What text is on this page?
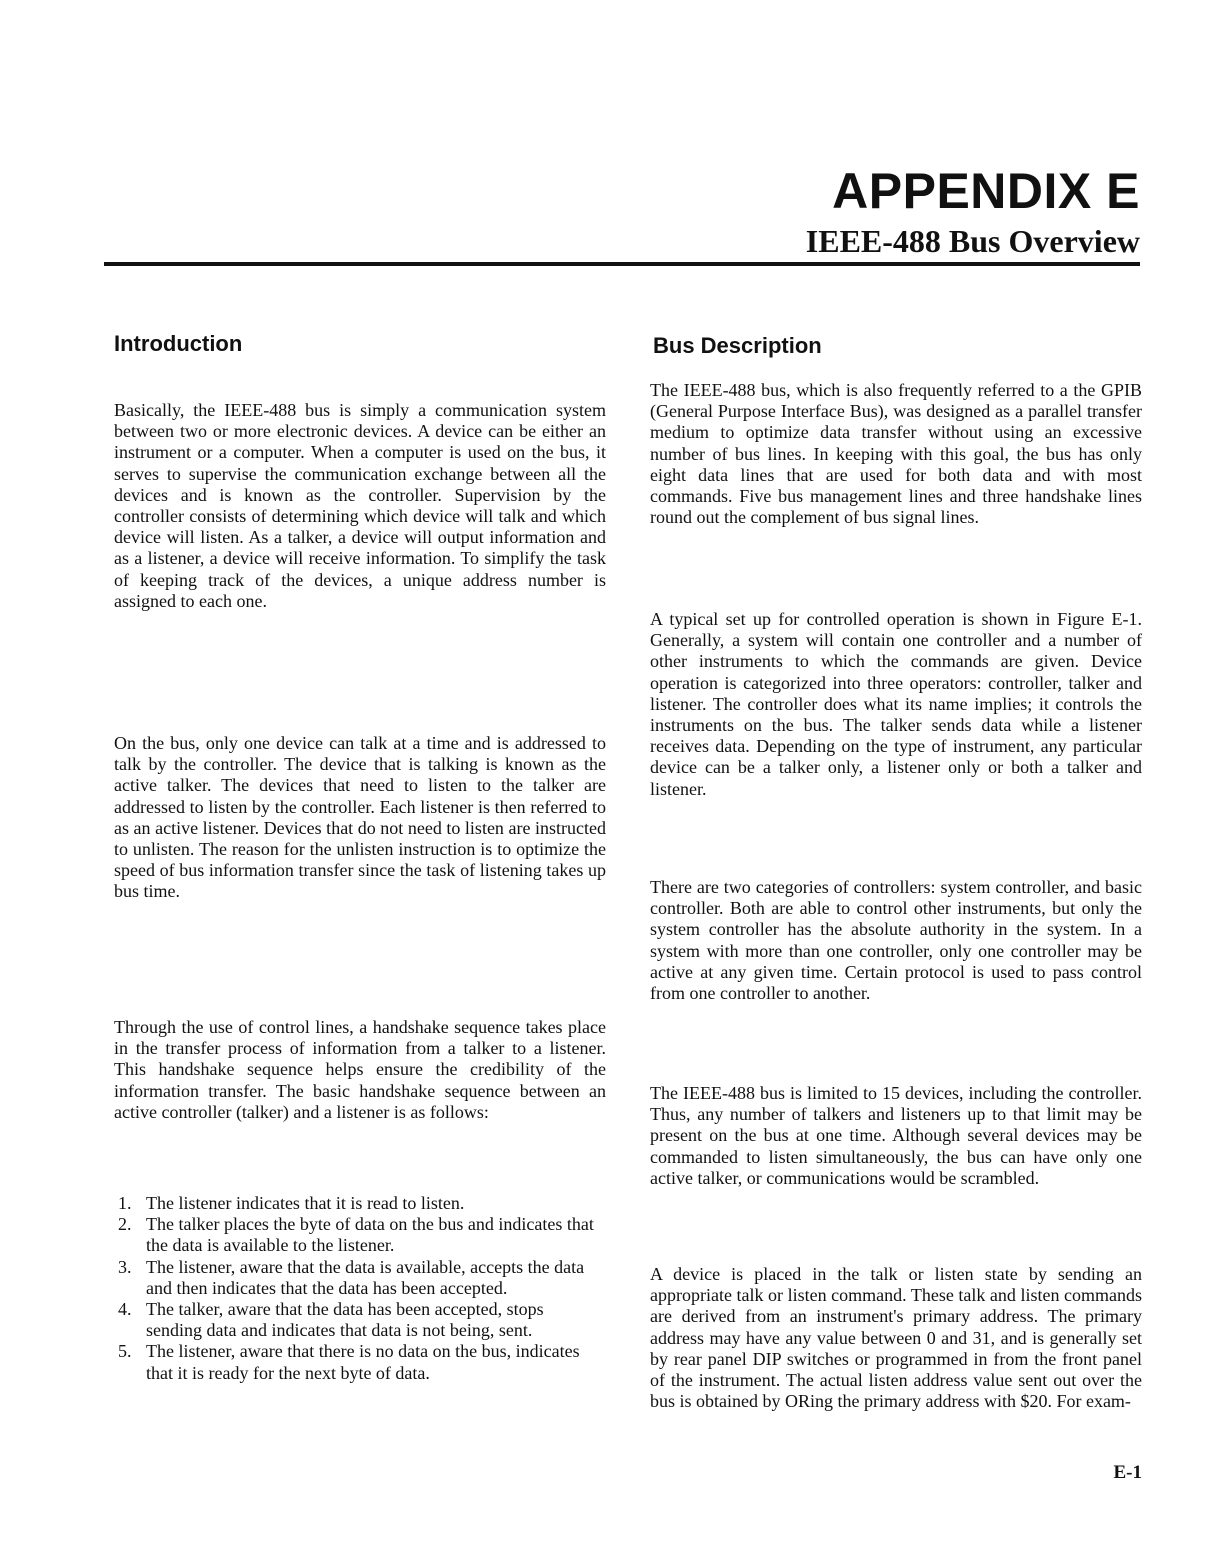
APPENDIX E
IEEE-488 Bus Overview
Introduction

Basically, the IEEE-488 bus is simply a communication system between two or more electronic devices. A device can be either an instrument or a computer. When a computer is used on the bus, it serves to supervise the communication exchange between all the devices and is known as the controller. Supervision by the controller consists of determining which device will talk and which device will listen. As a talker, a device will output information and as a listener, a device will receive information. To simplify the task of keeping track of the devices, a unique address number is assigned to each one.

On the bus, only one device can talk at a time and is addressed to talk by the controller. The device that is talking is known as the active talker. The devices that need to listen to the talker are addressed to listen by the controller. Each listener is then referred to as an active listener. Devices that do not need to listen are instructed to unlisten. The reason for the unlisten instruction is to optimize the speed of bus information transfer since the task of listening takes up bus time.

Through the use of control lines, a handshake sequence takes place in the transfer process of information from a talker to a listener. This handshake sequence helps ensure the credibility of the information transfer. The basic handshake sequence between an active controller (talker) and a listener is as follows:

1. The listener indicates that it is read to listen.
2. The talker places the byte of data on the bus and indicates that the data is available to the listener.
3. The listener, aware that the data is available, accepts the data and then indicates that the data has been accepted.
4. The talker, aware that the data has been accepted, stops sending data and indicates that data is not being, sent.
5. The listener, aware that there is no data on the bus, indicates that it is ready for the next byte of data.
Bus Description

The IEEE-488 bus, which is also frequently referred to a the GPIB (General Purpose Interface Bus), was designed as a parallel transfer medium to optimize data transfer without using an excessive number of bus lines. In keeping with this goal, the bus has only eight data lines that are used for both data and with most commands. Five bus management lines and three handshake lines round out the complement of bus signal lines.

A typical set up for controlled operation is shown in Figure E-1. Generally, a system will contain one controller and a number of other instruments to which the commands are given. Device operation is categorized into three operators: controller, talker and listener. The controller does what its name implies; it controls the instruments on the bus. The talker sends data while a listener receives data. Depending on the type of instrument, any particular device can be a talker only, a listener only or both a talker and listener.

There are two categories of controllers: system controller, and basic controller. Both are able to control other instruments, but only the system controller has the absolute authority in the system. In a system with more than one controller, only one controller may be active at any given time. Certain protocol is used to pass control from one controller to another.

The IEEE-488 bus is limited to 15 devices, including the controller. Thus, any number of talkers and listeners up to that limit may be present on the bus at one time. Although several devices may be commanded to listen simultaneously, the bus can have only one active talker, or communications would be scrambled.

A device is placed in the talk or listen state by sending an appropriate talk or listen command. These talk and listen commands are derived from an instrument's primary address. The primary address may have any value between 0 and 31, and is generally set by rear panel DIP switches or programmed in from the front panel of the instrument. The actual listen address value sent out over the bus is obtained by ORing the primary address with $20. For exam-

E-1
